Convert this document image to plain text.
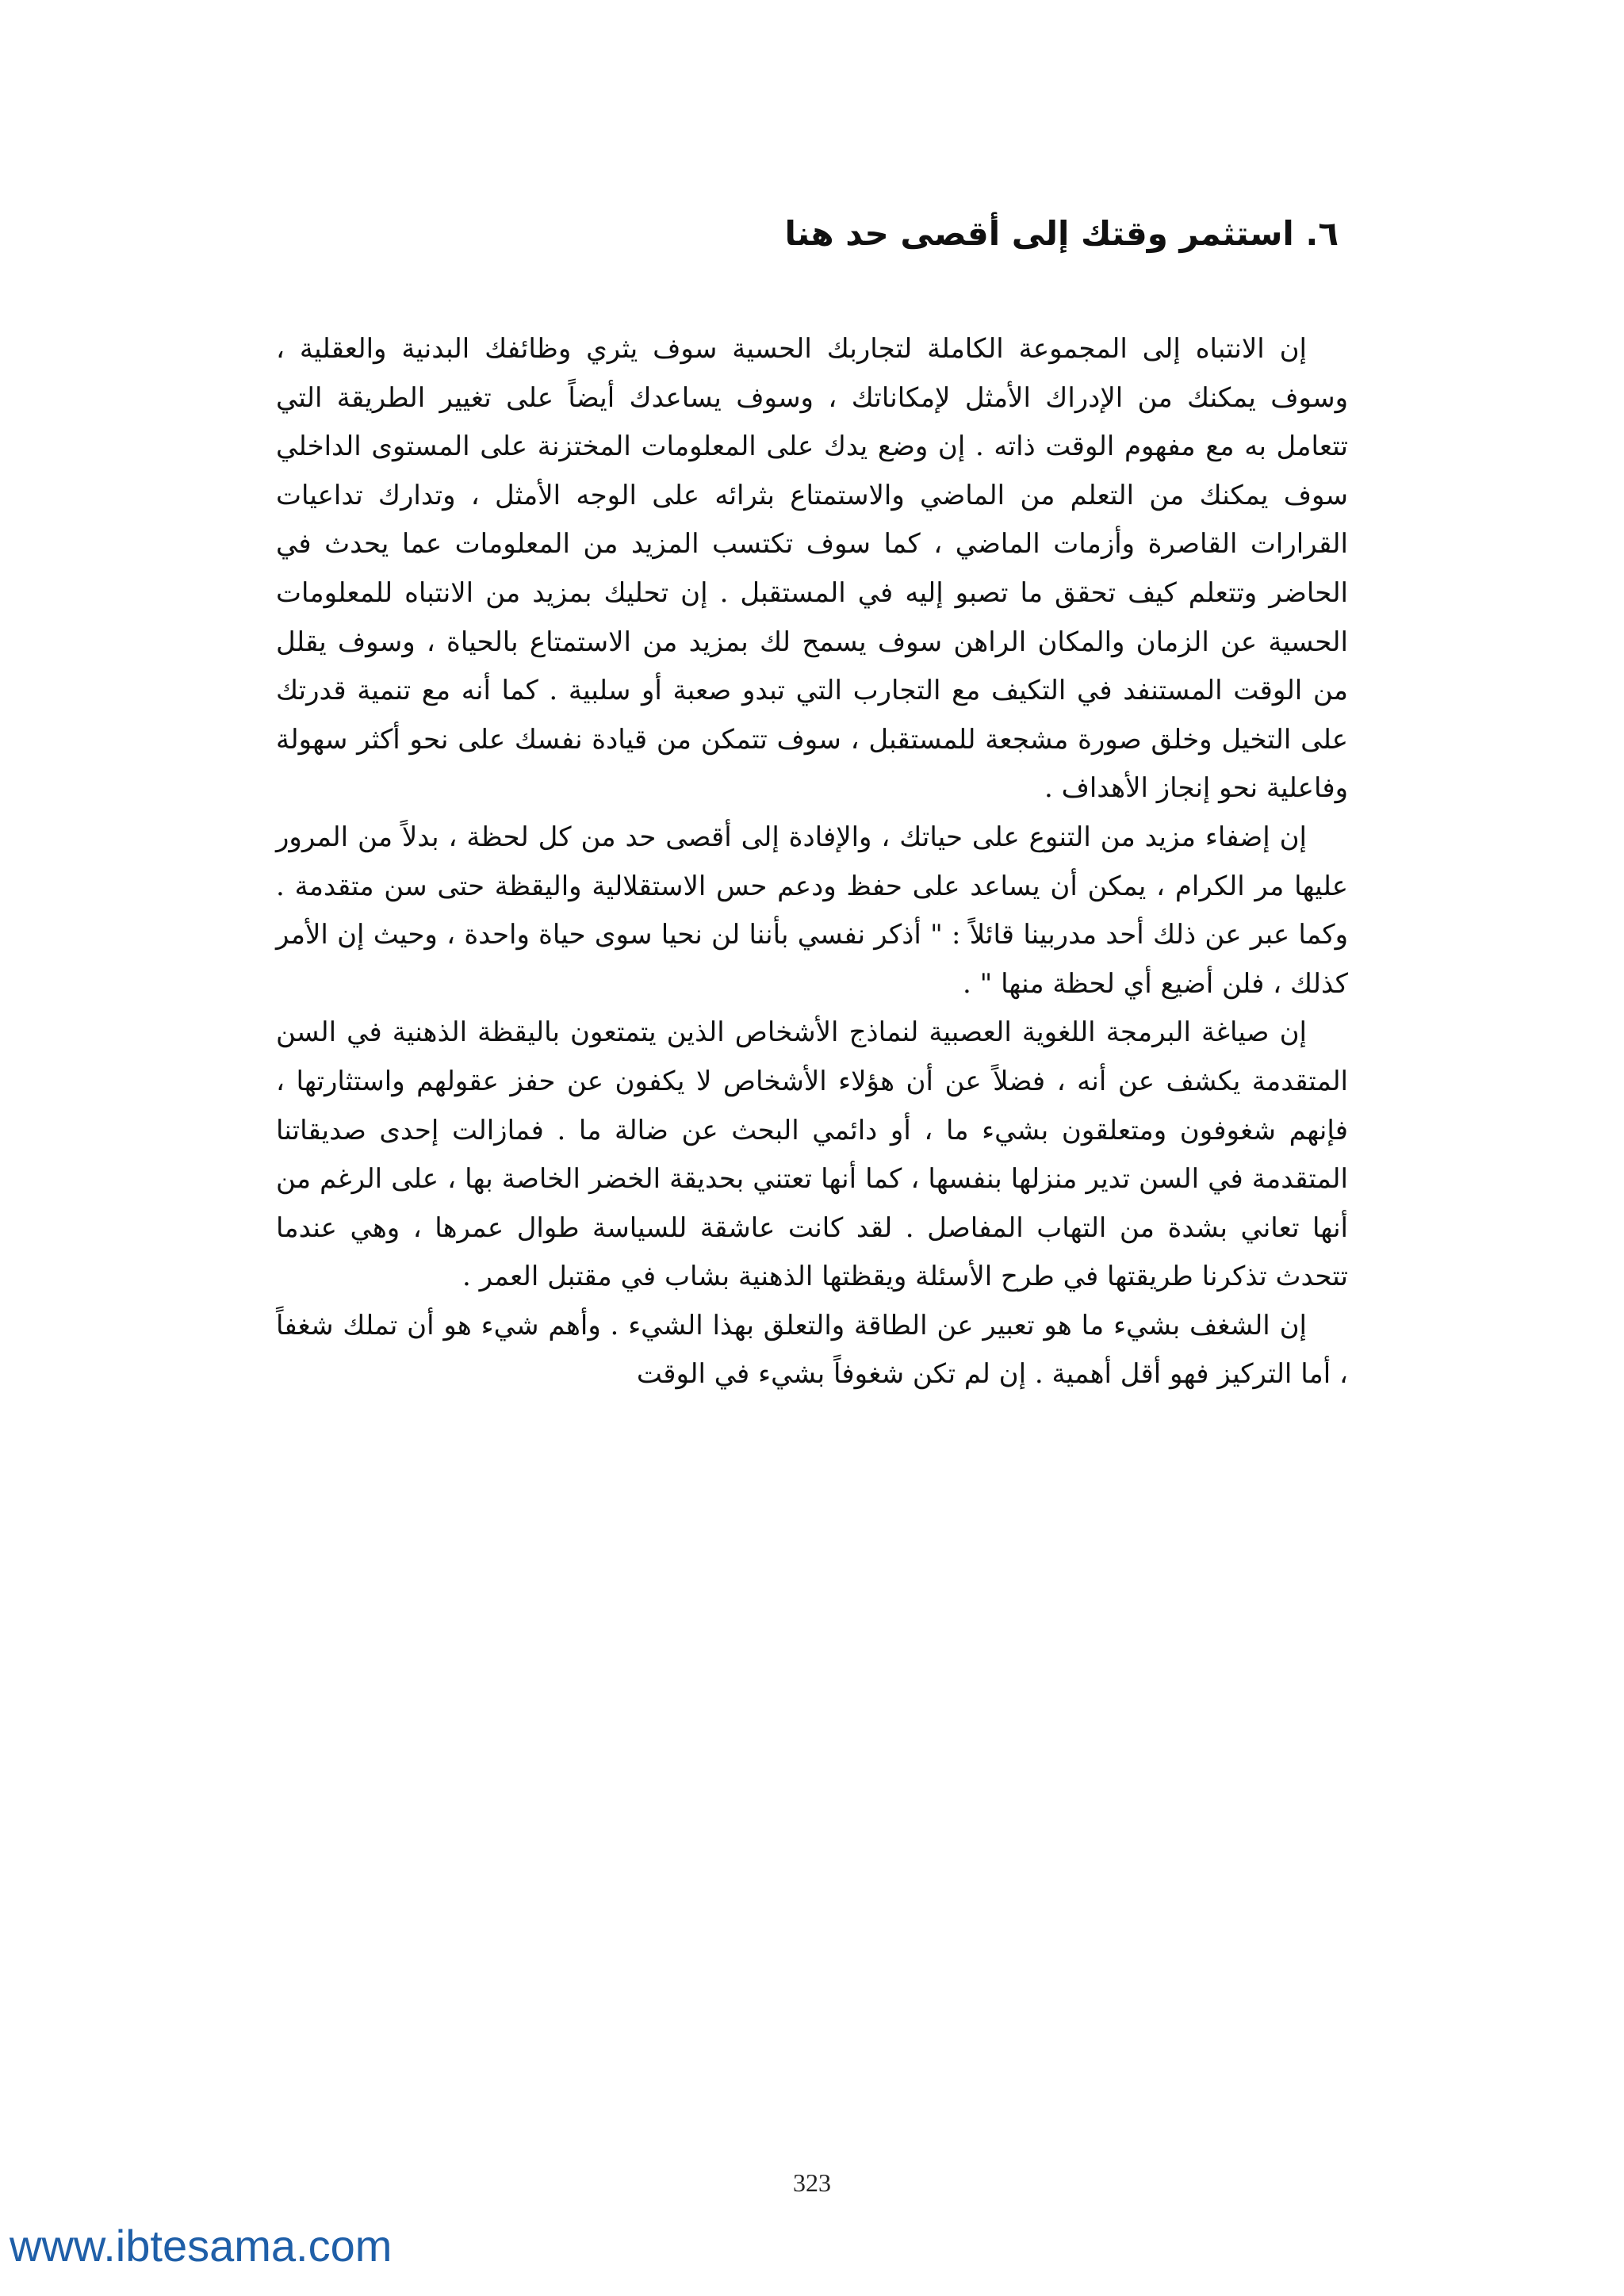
٦. استثمر وقتك إلى أقصى حد هنا

إن الانتباه إلى المجموعة الكاملة لتجاربك الحسية سوف يثري وظائفك البدنية والعقلية ، وسوف يمكنك من الإدراك الأمثل لإمكاناتك ، وسوف يساعدك أيضاً على تغيير الطريقة التي تتعامل به مع مفهوم الوقت ذاته . إن وضع يدك على المعلومات المختزنة على المستوى الداخلي سوف يمكنك من التعلم من الماضي والاستمتاع بثرائه على الوجه الأمثل ، وتدارك تداعيات القرارات القاصرة وأزمات الماضي ، كما سوف تكتسب المزيد من المعلومات عما يحدث في الحاضر وتتعلم كيف تحقق ما تصبو إليه في المستقبل . إن تحليك بمزيد من الانتباه للمعلومات الحسية عن الزمان والمكان الراهن سوف يسمح لك بمزيد من الاستمتاع بالحياة ، وسوف يقلل من الوقت المستنفد في التكيف مع التجارب التي تبدو صعبة أو سلبية . كما أنه مع تنمية قدرتك على التخيل وخلق صورة مشجعة للمستقبل ، سوف تتمكن من قيادة نفسك على نحو أكثر سهولة وفاعلية نحو إنجاز الأهداف .

إن إضفاء مزيد من التنوع على حياتك ، والإفادة إلى أقصى حد من كل لحظة ، بدلاً من المرور عليها مر الكرام ، يمكن أن يساعد على حفظ ودعم حس الاستقلالية واليقظة حتى سن متقدمة . وكما عبر عن ذلك أحد مدربينا قائلاً : " أذكر نفسي بأننا لن نحيا سوى حياة واحدة ، وحيث إن الأمر كذلك ، فلن أضيع أي لحظة منها " .

إن صياغة البرمجة اللغوية العصبية لنماذج الأشخاص الذين يتمتعون باليقظة الذهنية في السن المتقدمة يكشف عن أنه ، فضلاً عن أن هؤلاء الأشخاص لا يكفون عن حفز عقولهم واستثارتها ، فإنهم شغوفون ومتعلقون بشيء ما ، أو دائمي البحث عن ضالة ما . فمازالت إحدى صديقاتنا المتقدمة في السن تدير منزلها بنفسها ، كما أنها تعتني بحديقة الخضر الخاصة بها ، على الرغم من أنها تعاني بشدة من التهاب المفاصل . لقد كانت عاشقة للسياسة طوال عمرها ، وهي عندما تتحدث تذكرنا طريقتها في طرح الأسئلة ويقظتها الذهنية بشاب في مقتبل العمر .

إن الشغف بشيء ما هو تعبير عن الطاقة والتعلق بهذا الشيء . وأهم شيء هو أن تملك شغفاً ، أما التركيز فهو أقل أهمية . إن لم تكن شغوفاً بشيء في الوقت

323
www.ibtesama.com
